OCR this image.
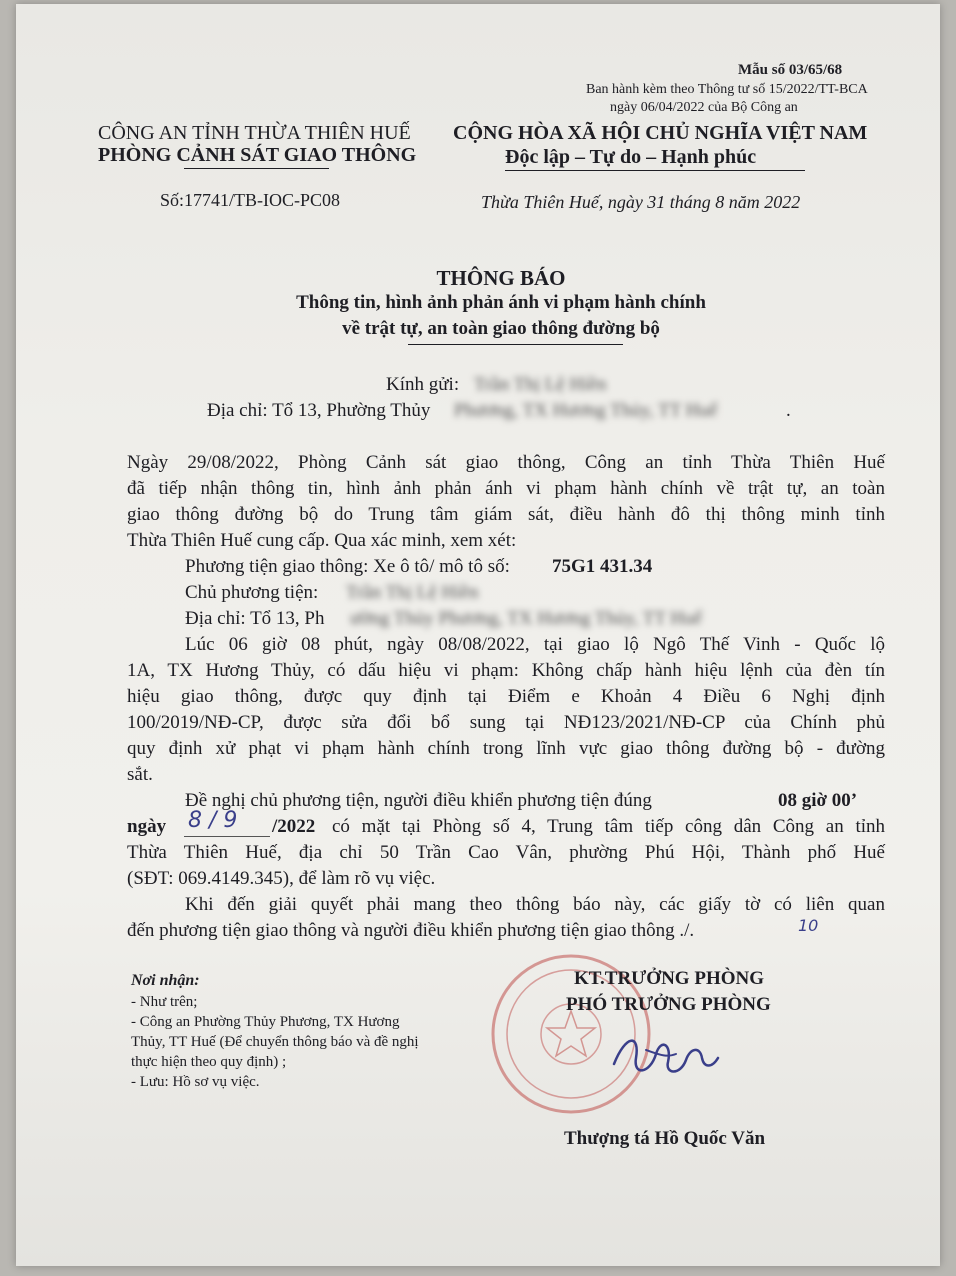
Mẫu số 03/65/68
Ban hành kèm theo Thông tư số 15/2022/TT-BCA
ngày 06/04/2022 của Bộ Công an
CÔNG AN TỈNH THỪA THIÊN HUẾ
PHÒNG CẢNH SÁT GIAO THÔNG
Số:17741/TB-IOC-PC08
CỘNG HÒA XÃ HỘI CHỦ NGHĨA VIỆT NAM
Độc lập – Tự do – Hạnh phúc
Thừa Thiên Huế, ngày 31 tháng 8 năm 2022
THÔNG BÁO
Thông tin, hình ảnh phản ánh vi phạm hành chính
về trật tự, an toàn giao thông đường bộ
Kính gửi: Trần Thị Lệ Hiền
Địa chỉ: Tổ 13, Phường Thủy Phương, TX Hương Thủy, TT Huế	.
Ngày 29/08/2022, Phòng Cảnh sát giao thông, Công an tỉnh Thừa Thiên Huế
đã tiếp nhận thông tin, hình ảnh phản ánh vi phạm hành chính về trật tự, an toàn
giao thông đường bộ do Trung tâm giám sát, điều hành đô thị thông minh tỉnh
Thừa Thiên Huế cung cấp. Qua xác minh, xem xét:
Phương tiện giao thông: Xe ô tô/ mô tô số: 75G1 431.34
Chủ phương tiện: Trần Thị Lệ Hiền
Địa chỉ: Tổ 13, Ph ường Thủy Phương, TX Hương Thủy, TT Huế
Lúc 06 giờ 08 phút, ngày 08/08/2022, tại giao lộ Ngô Thế Vinh - Quốc lộ
1A, TX Hương Thủy, có dấu hiệu vi phạm: Không chấp hành hiệu lệnh của đèn tín
hiệu giao thông, được quy định tại Điểm e Khoản 4 Điều 6 Nghị định
100/2019/NĐ-CP, được sửa đổi bổ sung tại NĐ123/2021/NĐ-CP của Chính phủ
quy định xử phạt vi phạm hành chính trong lĩnh vực giao thông đường bộ - đường
sắt.
Đề nghị chủ phương tiện, người điều khiển phương tiện đúng	08 giờ 00’
ngày 8 / 9 /2022 có mặt tại Phòng số 4, Trung tâm tiếp công dân Công an tỉnh
Thừa Thiên Huế, địa chỉ 50 Trần Cao Vân, phường Phú Hội, Thành phố Huế
(SĐT: 069.4149.345), để làm rõ vụ việc.
Khi đến giải quyết phải mang theo thông báo này, các giấy tờ có liên quan
đến phương tiện giao thông và người điều khiển phương tiện giao thông ./.	10
Nơi nhận:
- Như trên;
- Công an Phường Thủy Phương, TX Hương
Thủy, TT Huế (Để chuyển thông báo và đề nghị
thực hiện theo quy định) ;
- Lưu: Hồ sơ vụ việc.
KT.TRƯỞNG PHÒNG
PHÓ TRƯỞNG PHÒNG
Thượng tá Hồ Quốc Văn
